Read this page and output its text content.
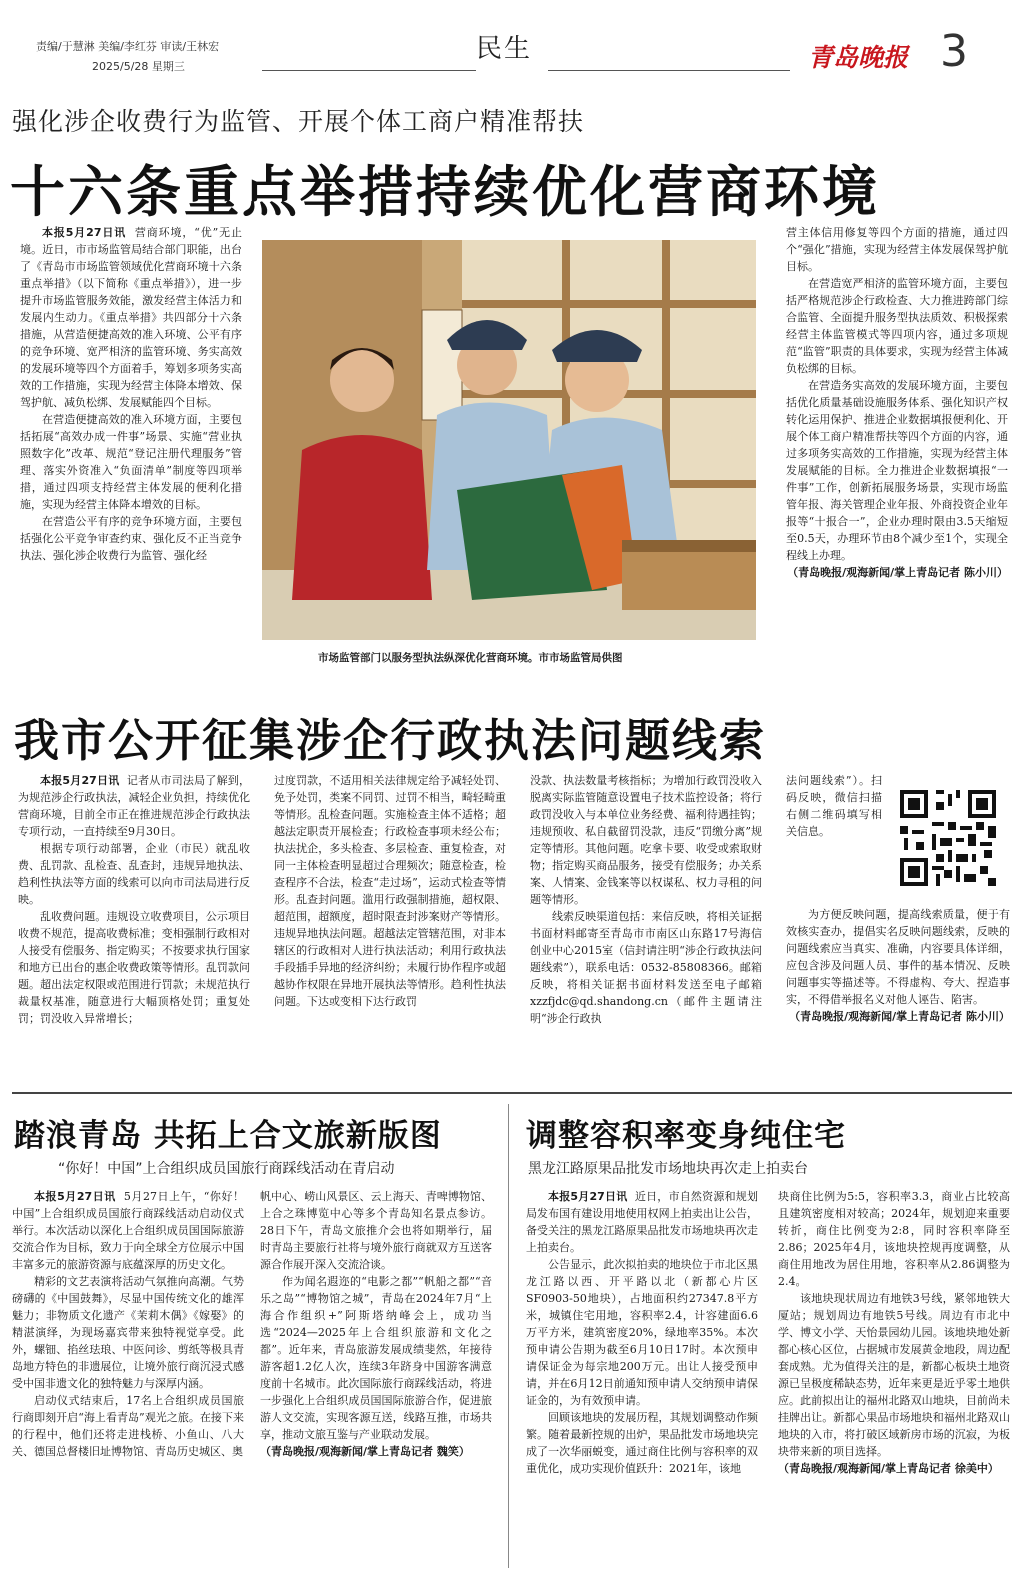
责编/于慧淋 美编/李红芬 审读/王林宏
2025/5/28 星期三
民生	青岛晚报 3
强化涉企收费行为监管、开展个体工商户精准帮扶
十六条重点举措持续优化营商环境

本报5月27日讯 营商环境，“优”无止境。近日，市市场监管局结合部门职能，出台了《青岛市市场监管领域优化营商环境十六条重点举措》（以下简称《重点举措》），进一步提升市场监管服务效能，激发经营主体活力和发展内生动力。《重点举措》共四部分十六条措施，从营造便捷高效的准入环境、公平有序的竞争环境、宽严相济的监管环境、务实高效的发展环境等四个方面着手，筹划多项务实高效的工作措施，实现为经营主体降本增效、保驾护航、减负松绑、发展赋能四个目标。

在营造便捷高效的准入环境方面，主要包括拓展“高效办成一件事”场景、实施“营业执照数字化”改革、规范“登记注册代理服务”管理、落实外资准入“负面清单”制度等四项举措，通过四项支持经营主体发展的便利化措施，实现为经营主体降本增效的目标。

在营造公平有序的竞争环境方面，主要包括强化公平竞争审查约束、强化反不正当竞争执法、强化涉企收费行为监管、强化经

市场监管部门以服务型执法纵深优化营商环境。市市场监管局供图

营主体信用修复等四个方面的措施，通过四个“强化”措施，实现为经营主体发展保驾护航目标。

在营造宽严相济的监管环境方面，主要包括严格规范涉企行政检查、大力推进跨部门综合监管、全面提升服务型执法质效、积极探索经营主体监管模式等四项内容，通过多项规范“监管”职责的具体要求，实现为经营主体减负松绑的目标。

在营造务实高效的发展环境方面，主要包括优化质量基础设施服务体系、强化知识产权转化运用保护、推进企业数据填报便利化、开展个体工商户精准帮扶等四个方面的内容，通过多项务实高效的工作措施，实现为经营主体发展赋能的目标。全力推进企业数据填报“一件事”工作，创新拓展服务场景，实现市场监管年报、海关管理企业年报、外商投资企业年报等“十报合一”，企业办理时限由3.5天缩短至0.5天，办理环节由8个减少至1个，实现全程线上办理。

（青岛晚报/观海新闻/掌上青岛记者 陈小川）

我市公开征集涉企行政执法问题线索

本报5月27日讯 记者从市司法局了解到，为规范涉企行政执法，减轻企业负担，持续优化营商环境，目前全市正在推进规范涉企行政执法专项行动，一直持续至9月30日。

根据专项行动部署，企业（市民）就乱收费、乱罚款、乱检查、乱查封，违规异地执法、趋利性执法等方面的线索可以向市司法局进行反映。

乱收费问题。违规设立收费项目，公示项目收费不规范，提高收费标准；变相强制行政相对人接受有偿服务、指定购买；不按要求执行国家和地方已出台的惠企收费政策等情形。乱罚款问题。超出法定权限或范围进行罚款；未规范执行裁量权基准，随意进行大幅顶格处罚；重复处罚；罚没收入异常增长；

过度罚款，不适用相关法律规定给予减轻处罚、免予处罚，类案不同罚、过罚不相当，畸轻畸重等情形。乱检查问题。实施检查主体不适格；超越法定职责开展检查；行政检查事项未经公布；执法扰企，多头检查、多层检查、重复检查，对同一主体检查明显超过合理频次；随意检查，检查程序不合法，检查“走过场”，运动式检查等情形。乱查封问题。滥用行政强制措施，超权限、超范围，超额度，超时限查封涉案财产等情形。违规异地执法问题。超越法定管辖范围，对非本辖区的行政相对人进行执法活动；利用行政执法手段插手异地的经济纠纷；未履行协作程序或超越协作权限在异地开展执法等情形。趋利性执法问题。下达或变相下达行政罚

没款、执法数量考核指标；为增加行政罚没收入脱离实际监管随意设置电子技术监控设备；将行政罚没收入与本单位业务经费、福利待遇挂钩；违规预收、私自截留罚没款，违反“罚缴分离”规定等情形。其他问题。吃拿卡要、收受或索取财物；指定购买商品服务，接受有偿服务；办关系案、人情案、金钱案等以权谋私、权力寻租的问题等情形。

线索反映渠道包括：来信反映，将相关证据书面材料邮寄至青岛市市南区山东路17号海信创业中心2015室（信封请注明“涉企行政执法问题线索”），联系电话：0532-85808366。邮箱反映，将相关证据书面材料发送至电子邮箱xzzfjdc@qd.shandong.cn（邮件主题请注明“涉企行政执

法问题线索”）。扫码反映，微信扫描右侧二维码填写相关信息。

为方便反映问题，提高线索质量，便于有效核实查办，提倡实名反映问题线索，反映的问题线索应当真实、准确，内容要具体详细，应包含涉及问题人员、事件的基本情况、反映问题事实等描述等。不得虚构、夸大、捏造事实，不得借举报名义对他人诬告、陷害。

（青岛晚报/观海新闻/掌上青岛记者 陈小川）

踏浪青岛 共拓上合文旅新版图
“你好！中国”上合组织成员国旅行商踩线活动在青启动

本报5月27日讯 5月27日上午，“你好！中国”上合组织成员国旅行商踩线活动启动仪式举行。本次活动以深化上合组织成员国国际旅游交流合作为目标，致力于向全球全方位展示中国丰富多元的旅游资源与底蕴深厚的历史文化。

精彩的文艺表演将活动气氛推向高潮。气势磅礴的《中国鼓舞》，尽显中国传统文化的雄浑魅力；非物质文化遗产《茉莉木偶》《嫁娶》的精湛演绎，为现场嘉宾带来独特视觉享受。此外，螺钿、掐丝珐琅、中医问诊、剪纸等极具青岛地方特色的非遗展位，让境外旅行商沉浸式感受中国非遗文化的独特魅力与深厚内涵。

启动仪式结束后，17名上合组织成员国旅行商即刻开启“海上看青岛”观光之旅。在接下来的行程中，他们还将走进栈桥、小鱼山、八大关、德国总督楼旧址博物馆、青岛历史城区、奥

帆中心、崂山风景区、云上海天、青啤博物馆、上合之珠博览中心等多个青岛知名景点参访。28日下午，青岛文旅推介会也将如期举行，届时青岛主要旅行社将与境外旅行商就双方互送客源合作展开深入交流洽谈。

作为闻名遐迩的“电影之都”“帆船之都”“音乐之岛”“博物馆之城”，青岛在2024年7月“上海合作组织+”阿斯塔纳峰会上，成功当选“2024—2025年上合组织旅游和文化之都”。近年来，青岛旅游发展成绩斐然，年接待游客超1.2亿人次，连续3年跻身中国游客满意度前十名城市。此次国际旅行商踩线活动，将进一步强化上合组织成员国国际旅游合作，促进旅游人文交流，实现客源互送，线路互推，市场共享，推动文旅互鉴与产业联动发展。

（青岛晚报/观海新闻/掌上青岛记者 魏笑）

调整容积率变身纯住宅
黑龙江路原果品批发市场地块再次走上拍卖台

本报5月27日讯 近日，市自然资源和规划局发布国有建设用地使用权网上拍卖出让公告，备受关注的黑龙江路原果品批发市场地块再次走上拍卖台。

公告显示，此次拟拍卖的地块位于市北区黑龙江路以西、开平路以北（新都心片区SF0903-50地块），占地面积约27347.8平方米，城镇住宅用地，容积率2.4，计容建面6.6万平方米，建筑密度20%，绿地率35%。本次预申请公告期为截至6月10日17时。本次预申请保证金为每宗地200万元。出让人接受预申请，并在6月12日前通知预申请人交纳预申请保证金的，为有效预申请。

回顾该地块的发展历程，其规划调整动作频繁。随着最新控规的出炉，果品批发市场地块完成了一次华丽蜕变，通过商住比例与容积率的双重优化，成功实现价值跃升：2021年，该地

块商住比例为5:5，容积率3.3，商业占比较高且建筑密度相对较高；2024年，规划迎来重要转折，商住比例变为2:8，同时容积率降至2.86；2025年4月，该地块控规再度调整，从商住用地改为居住用地，容积率从2.86调整为2.4。

该地块现状周边有地铁3号线，紧邻地铁大厦站；规划周边有地铁5号线。周边有市北中学、博文小学、天怡景园幼儿园。该地块地处新都心核心区位，占据城市发展黄金地段，周边配套成熟。尤为值得关注的是，新都心板块土地资源已呈极度稀缺态势，近年来更是近乎零土地供应。此前拟出让的福州北路双山地块，目前尚未挂牌出让。新都心果品市场地块和福州北路双山地块的入市，将打破区域新房市场的沉寂，为板块带来新的项目选择。

（青岛晚报/观海新闻/掌上青岛记者 徐美中）
